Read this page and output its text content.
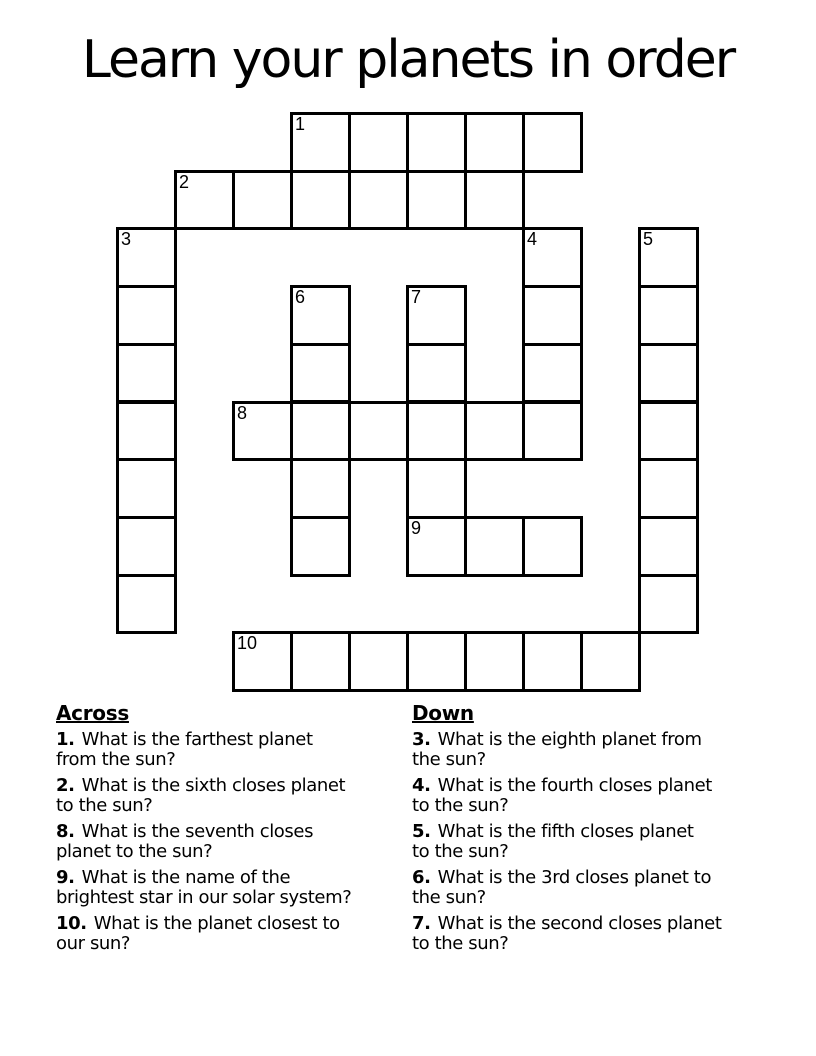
Learn your planets in order
1
2
3	4	5
6	7
8
9
10
Across
1. What is the farthest planet
from the sun?
2. What is the sixth closes planet
to the sun?
8. What is the seventh closes
planet to the sun?
9. What is the name of the
brightest star in our solar system?
10. What is the planet closest to
our sun?
Down
3. What is the eighth planet from
the sun?
4. What is the fourth closes planet
to the sun?
5. What is the fifth closes planet
to the sun?
6. What is the 3rd closes planet to
the sun?
7. What is the second closes planet
to the sun?
